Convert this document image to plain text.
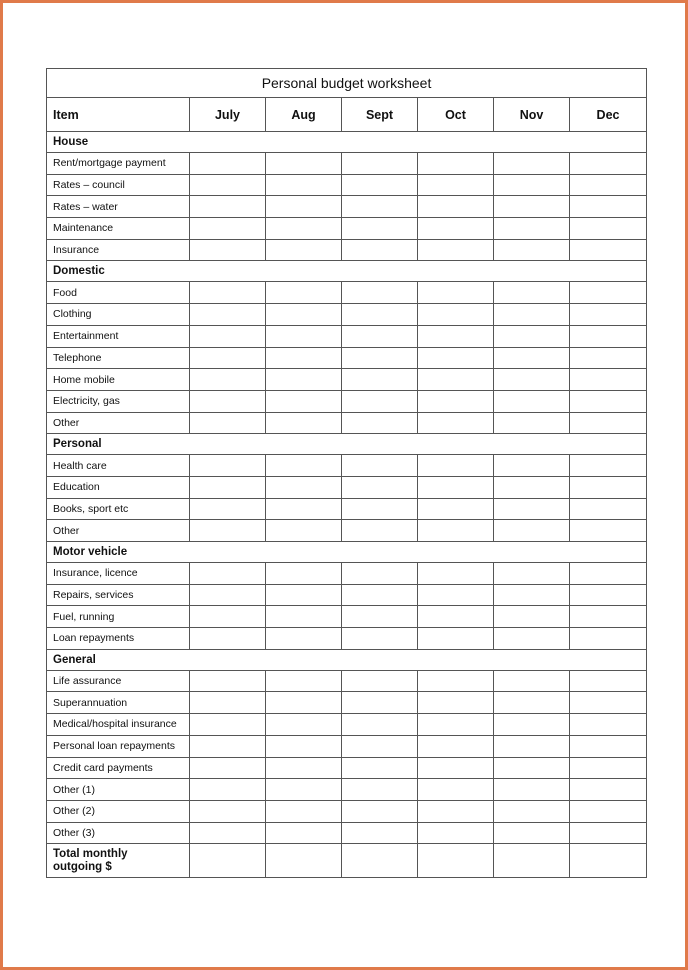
Personal budget worksheet						
Item	July	Aug	Sept	Oct	Nov	Dec
House						
Rent/mortgage payment						
Rates – council						
Rates – water						
Maintenance						
Insurance						
Domestic						
Food						
Clothing						
Entertainment						
Telephone						
Home mobile						
Electricity, gas						
Other						
Personal						
Health care						
Education						
Books, sport etc						
Other						
Motor vehicle						
Insurance, licence						
Repairs, services						
Fuel, running						
Loan repayments						
General						
Life assurance						
Superannuation						
Medical/hospital insurance						
Personal loan repayments						
Credit card payments						
Other (1)						
Other (2)						
Other (3)						

Total monthly
outgoing $						
